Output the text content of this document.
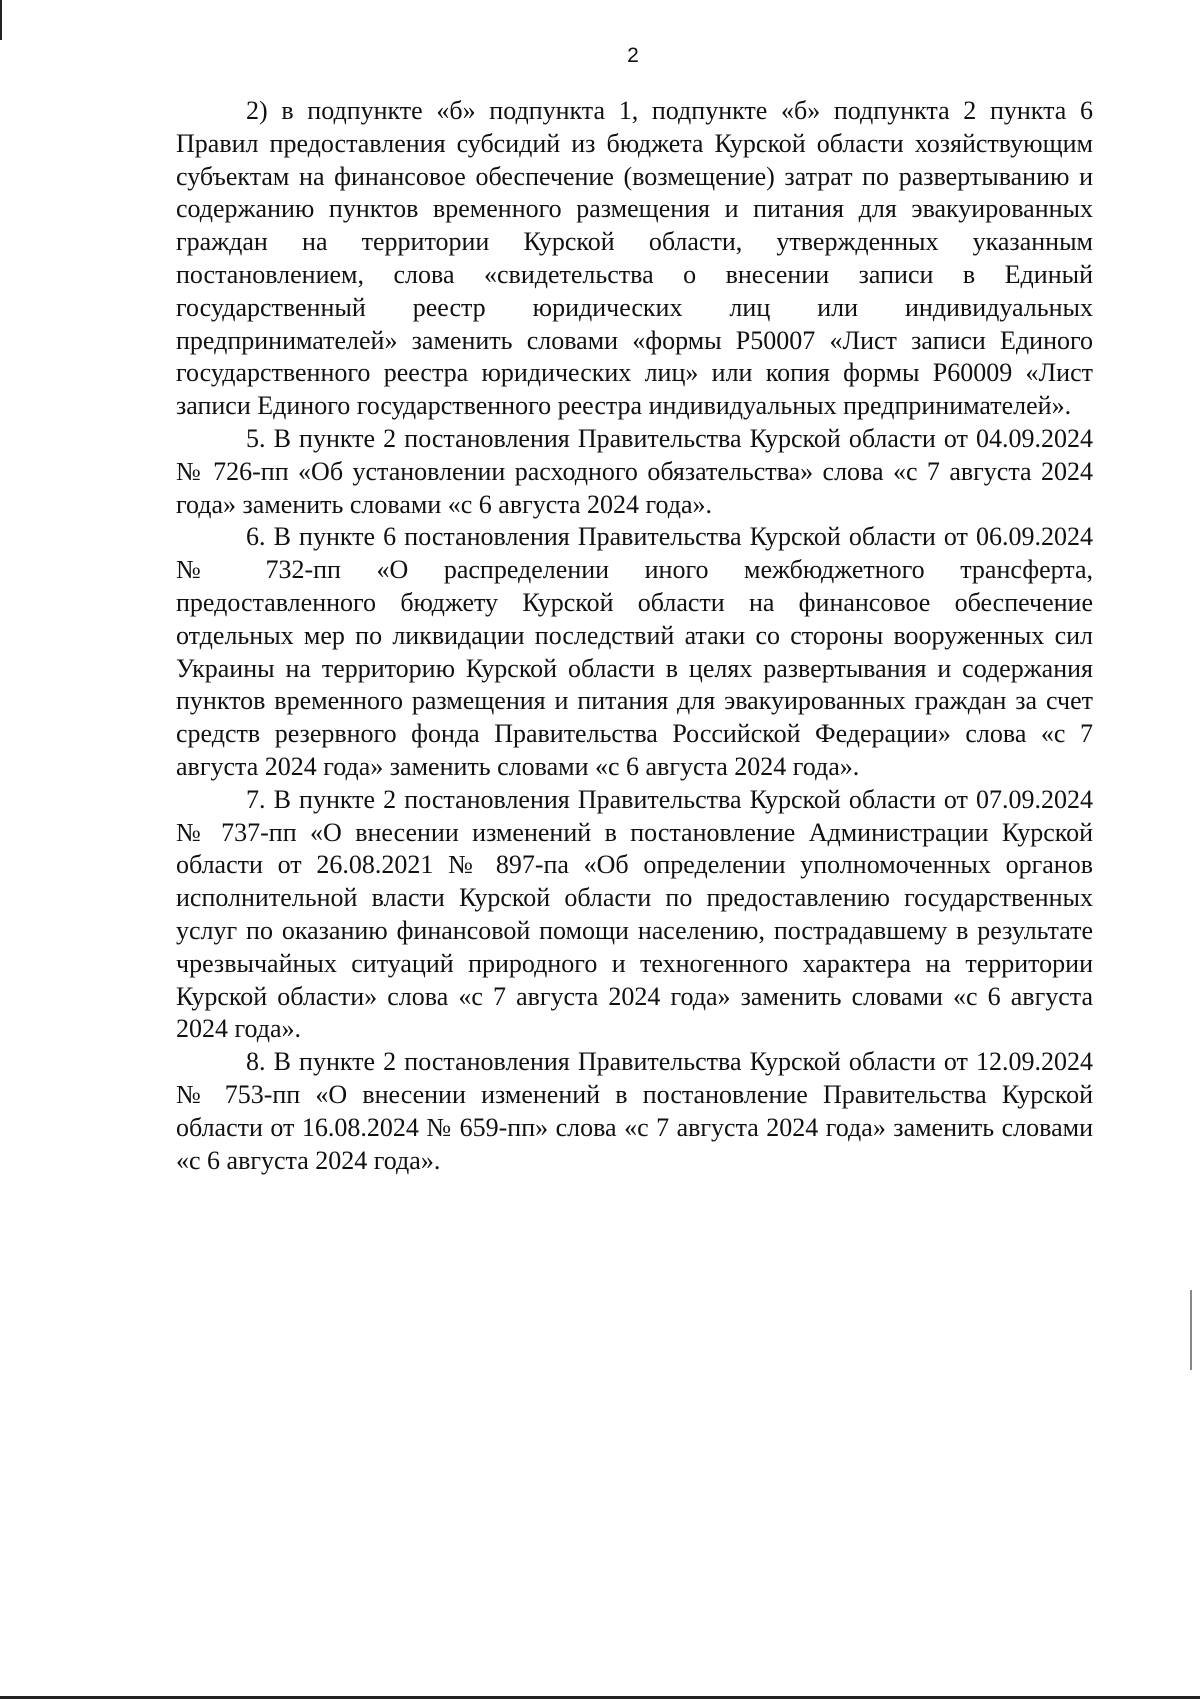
2

2) в подпункте «б» подпункта 1, подпункте «б» подпункта 2 пункта 6 Правил предоставления субсидий из бюджета Курской области хозяйствующим субъектам на финансовое обеспечение (возмещение) затрат по развертыванию и содержанию пунктов временного размещения и питания для эвакуированных граждан на территории Курской области, утвержденных указанным постановлением, слова «свидетельства о внесении записи в Единый государственный реестр юридических лиц или индивидуальных предпринимателей» заменить словами «формы Р50007 «Лист записи Единого государственного реестра юридических лиц» или копия формы Р60009 «Лист записи Единого государственного реестра индивидуальных предпринимателей».

5. В пункте 2 постановления Правительства Курской области от 04.09.2024 № 726-пп «Об установлении расходного обязательства» слова «с 7 августа 2024 года» заменить словами «с 6 августа 2024 года».

6. В пункте 6 постановления Правительства Курской области от 06.09.2024 № 732-пп «О распределении иного межбюджетного трансферта, предоставленного бюджету Курской области на финансовое обеспечение отдельных мер по ликвидации последствий атаки со стороны вооруженных сил Украины на территорию Курской области в целях развертывания и содержания пунктов временного размещения и питания для эвакуированных граждан за счет средств резервного фонда Правительства Российской Федерации» слова «с 7 августа 2024 года» заменить словами «с 6 августа 2024 года».

7. В пункте 2 постановления Правительства Курской области от 07.09.2024 № 737-пп «О внесении изменений в постановление Администрации Курской области от 26.08.2021 № 897-па «Об определении уполномоченных органов исполнительной власти Курской области по предоставлению государственных услуг по оказанию финансовой помощи населению, пострадавшему в результате чрезвычайных ситуаций природного и техногенного характера на территории Курской области» слова «с 7 августа 2024 года» заменить словами «с 6 августа 2024 года».

8. В пункте 2 постановления Правительства Курской области от 12.09.2024 № 753-пп «О внесении изменений в постановление Правительства Курской области от 16.08.2024 № 659-пп» слова «с 7 августа 2024 года» заменить словами «с 6 августа 2024 года».
